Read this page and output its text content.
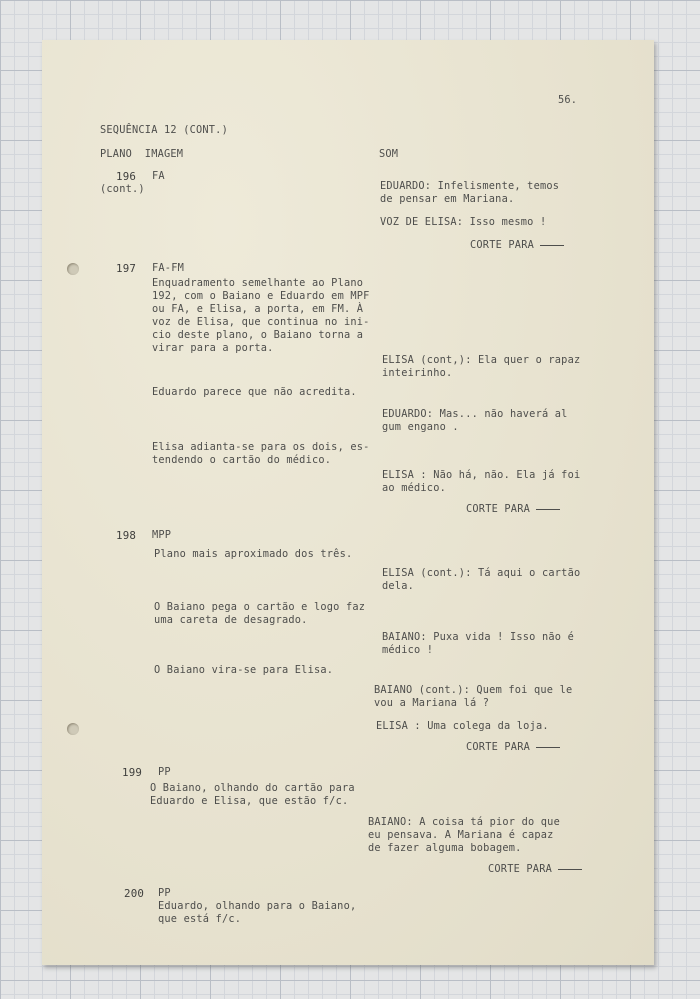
56.
SEQUÊNCIA 12 (CONT.)
PLANO  IMAGEM	SOM
196 FA
(cont.)	EDUARDO: Infelismente, temos
de pensar em Mariana.
VOZ DE ELISA: Isso mesmo !
CORTE PARA
197 FA-FM
Enquadramento semelhante ao Plano
192, com o Baiano e Eduardo em MPF
ou FA, e Elisa, a porta, em FM. À
voz de Elisa, que continua no ini-
cio deste plano, o Baiano torna a
virar para a porta.
ELISA (cont,): Ela quer o rapaz
inteirinho.
Eduardo parece que não acredita.
EDUARDO: Mas... não haverá al
gum engano .
Elisa adianta-se para os dois, es-
tendendo o cartão do médico.
ELISA : Não há, não. Ela já foi
ao médico.
CORTE PARA
198 MPP
Plano mais aproximado dos três.
ELISA (cont.): Tá aqui o cartão
dela.
O Baiano pega o cartão e logo faz
uma careta de desagrado.
BAIANO: Puxa vida ! Isso não é
médico !
O Baiano vira-se para Elisa.
BAIANO (cont.): Quem foi que le
vou a Mariana lá ?
ELISA : Uma colega da loja.
CORTE PARA
199 PP
O Baiano, olhando do cartão para
Eduardo e Elisa, que estão f/c.
BAIANO: A coisa tá pior do que
eu pensava. A Mariana é capaz
de fazer alguma bobagem.
CORTE PARA
200 PP
Eduardo, olhando para o Baiano,
que está f/c.
